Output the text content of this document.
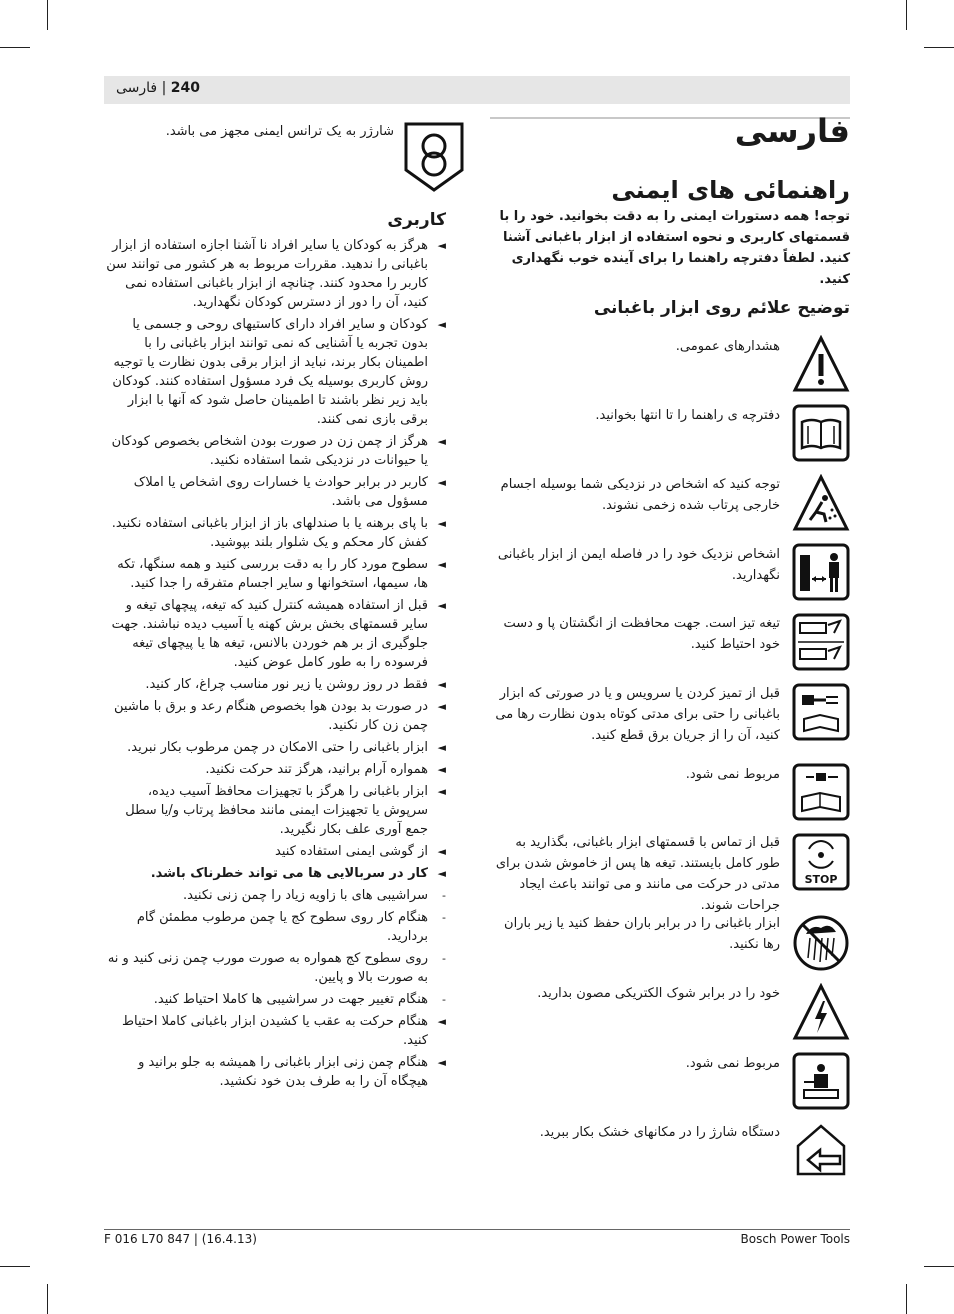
240 | فارسی
فارسی
راهنمائی های ایمنی
توجه! همه دستورات ایمنی را به دقت بخوانید. خود را با قسمتهای کاربری و نحوه استفاده از ابزار باغبانی آشنا کنید. لطفاً دفترچه راهنما را برای آینده خوب نگهداری کنید.
توضیح علائم روی ابزار باغبانی
هشدارهای عمومی.
دفترچه ی راهنما را تا انتها بخوانید.
توجه کنید که اشخاص در نزدیکی شما بوسیله اجسام خارجی پرتاب شده زخمی نشوند.
اشخاص نزدیک خود را در فاصله ایمن از ابزار باغبانی نگهدارید.
تیغه تیز است. جهت محافظت از انگشتان پا و دست خود احتیاط کنید.
قبل از تمیز کردن یا سرویس و یا در صورتی که ابزار باغبانی را حتی برای مدتی کوتاه بدون نظارت رها می کنید، آن را از جریان برق قطع کنید.
مربوط نمی شود.
STOP
قبل از تماس با قسمتهای ابزار باغبانی، بگذارید به طور کامل بایستند. تیغه ها پس از خاموش شدن برای مدتی در حرکت می مانند و می توانند باعث ایجاد جراحات شوند.
ابزار باغبانی را در برابر باران حفظ کنید یا زیر باران رها نکنید.
خود را در برابر شوک الکتریکی مصون بدارید.
مربوط نمی شود.
دستگاه شارژ را در مکانهای خشک بکار ببرید.
شارژر به یک ترانس ایمنی مجهز می باشد.
کاربری
◄
هرگز به کودکان یا سایر افراد نا آشنا اجازه استفاده از ابزار باغبانی را ندهید. مقررات مربوط به هر کشور می توانند سن کاربر را محدود کنند. چنانچه از ابزار باغبانی استفاده نمی کنید، آن را دور از دسترس کودکان نگهدارید.
◄
کودکان و سایر افراد دارای کاستیهای روحی و جسمی یا بدون تجربه یا آشنایی که نمی توانند ابزار باغبانی را با اطمینان بکار برند، نباید از ابزار برقی بدون نظارت یا توجیه روش کاربری بوسیله یک فرد مسؤول استفاده کنند. کودکان باید زیر نظر باشند تا اطمینان حاصل شود که آنها با ابزار برقی بازی نمی کنند.
◄
هرگز از چمن زن در صورت بودن اشخاص بخصوص کودکان یا حیوانات در نزدیکی شما استفاده نکنید.
◄
کاربر در برابر حوادث یا خسارات روی اشخاص یا املاک مسؤول می باشد.
◄
با پای برهنه یا با صندلهای باز از ابزار باغبانی استفاده نکنید. کفش کار محکم و یک شلوار بلند بپوشید.
◄
سطوح مورد کار را به دقت بررسی کنید و همه سنگها، تکه ها، سیمها، استخوانها و سایر اجسام متفرقه را جدا کنید.
◄
قبل از استفاده همیشه کنترل کنید که تیغه، پیچهای تیغه و سایر قسمتهای بخش برش کهنه یا آسیب دیده نباشند. جهت جلوگیری از بر هم خوردن بالانس، تیغه ها یا پیچهای تیغه فرسوده را به طور کامل عوض کنید.
◄
فقط در روز روشن یا زیر نور مناسب چراغ، کار کنید.
◄
در صورت بد بودن هوا بخصوص هنگام رعد و برق با ماشین چمن زن کار نکنید.
◄
ابزار باغبانی را حتی الامکان در چمن مرطوب بکار نبرید.
◄
همواره آرام برانید، هرگز تند حرکت نکنید.
◄
ابزار باغبانی را هرگز با تجهیزات محافظ آسیب دیده، سرپوش یا تجهیزات ایمنی مانند محافظ پرتاب و/یا سطل جمع آوری علف بکار نگیرید.
◄
از گوشی ایمنی استفاده کنید
◄
کار در سربالایی ها می تواند خطرناک باشد.
-
سراشیبی های با زاویه زیاد را چمن زنی نکنید.
-
هنگام کار روی سطوح کج یا چمن مرطوب مطمئن گام بردارید.
-
روی سطوح کج همواره به صورت مورب چمن زنی کنید و نه به صورت بالا و پایین.
-
هنگام تغییر جهت در سراشیبی ها کاملا احتیاط کنید.
◄
هنگام حرکت به عقب یا کشیدن ابزار باغبانی کاملا احتیاط کنید.
◄
هنگام چمن زنی ابزار باغبانی را همیشه به جلو برانید و هیچگاه آن را به طرف بدن خود نکشید.
F 016 L70 847 | (16.4.13)	Bosch Power Tools
